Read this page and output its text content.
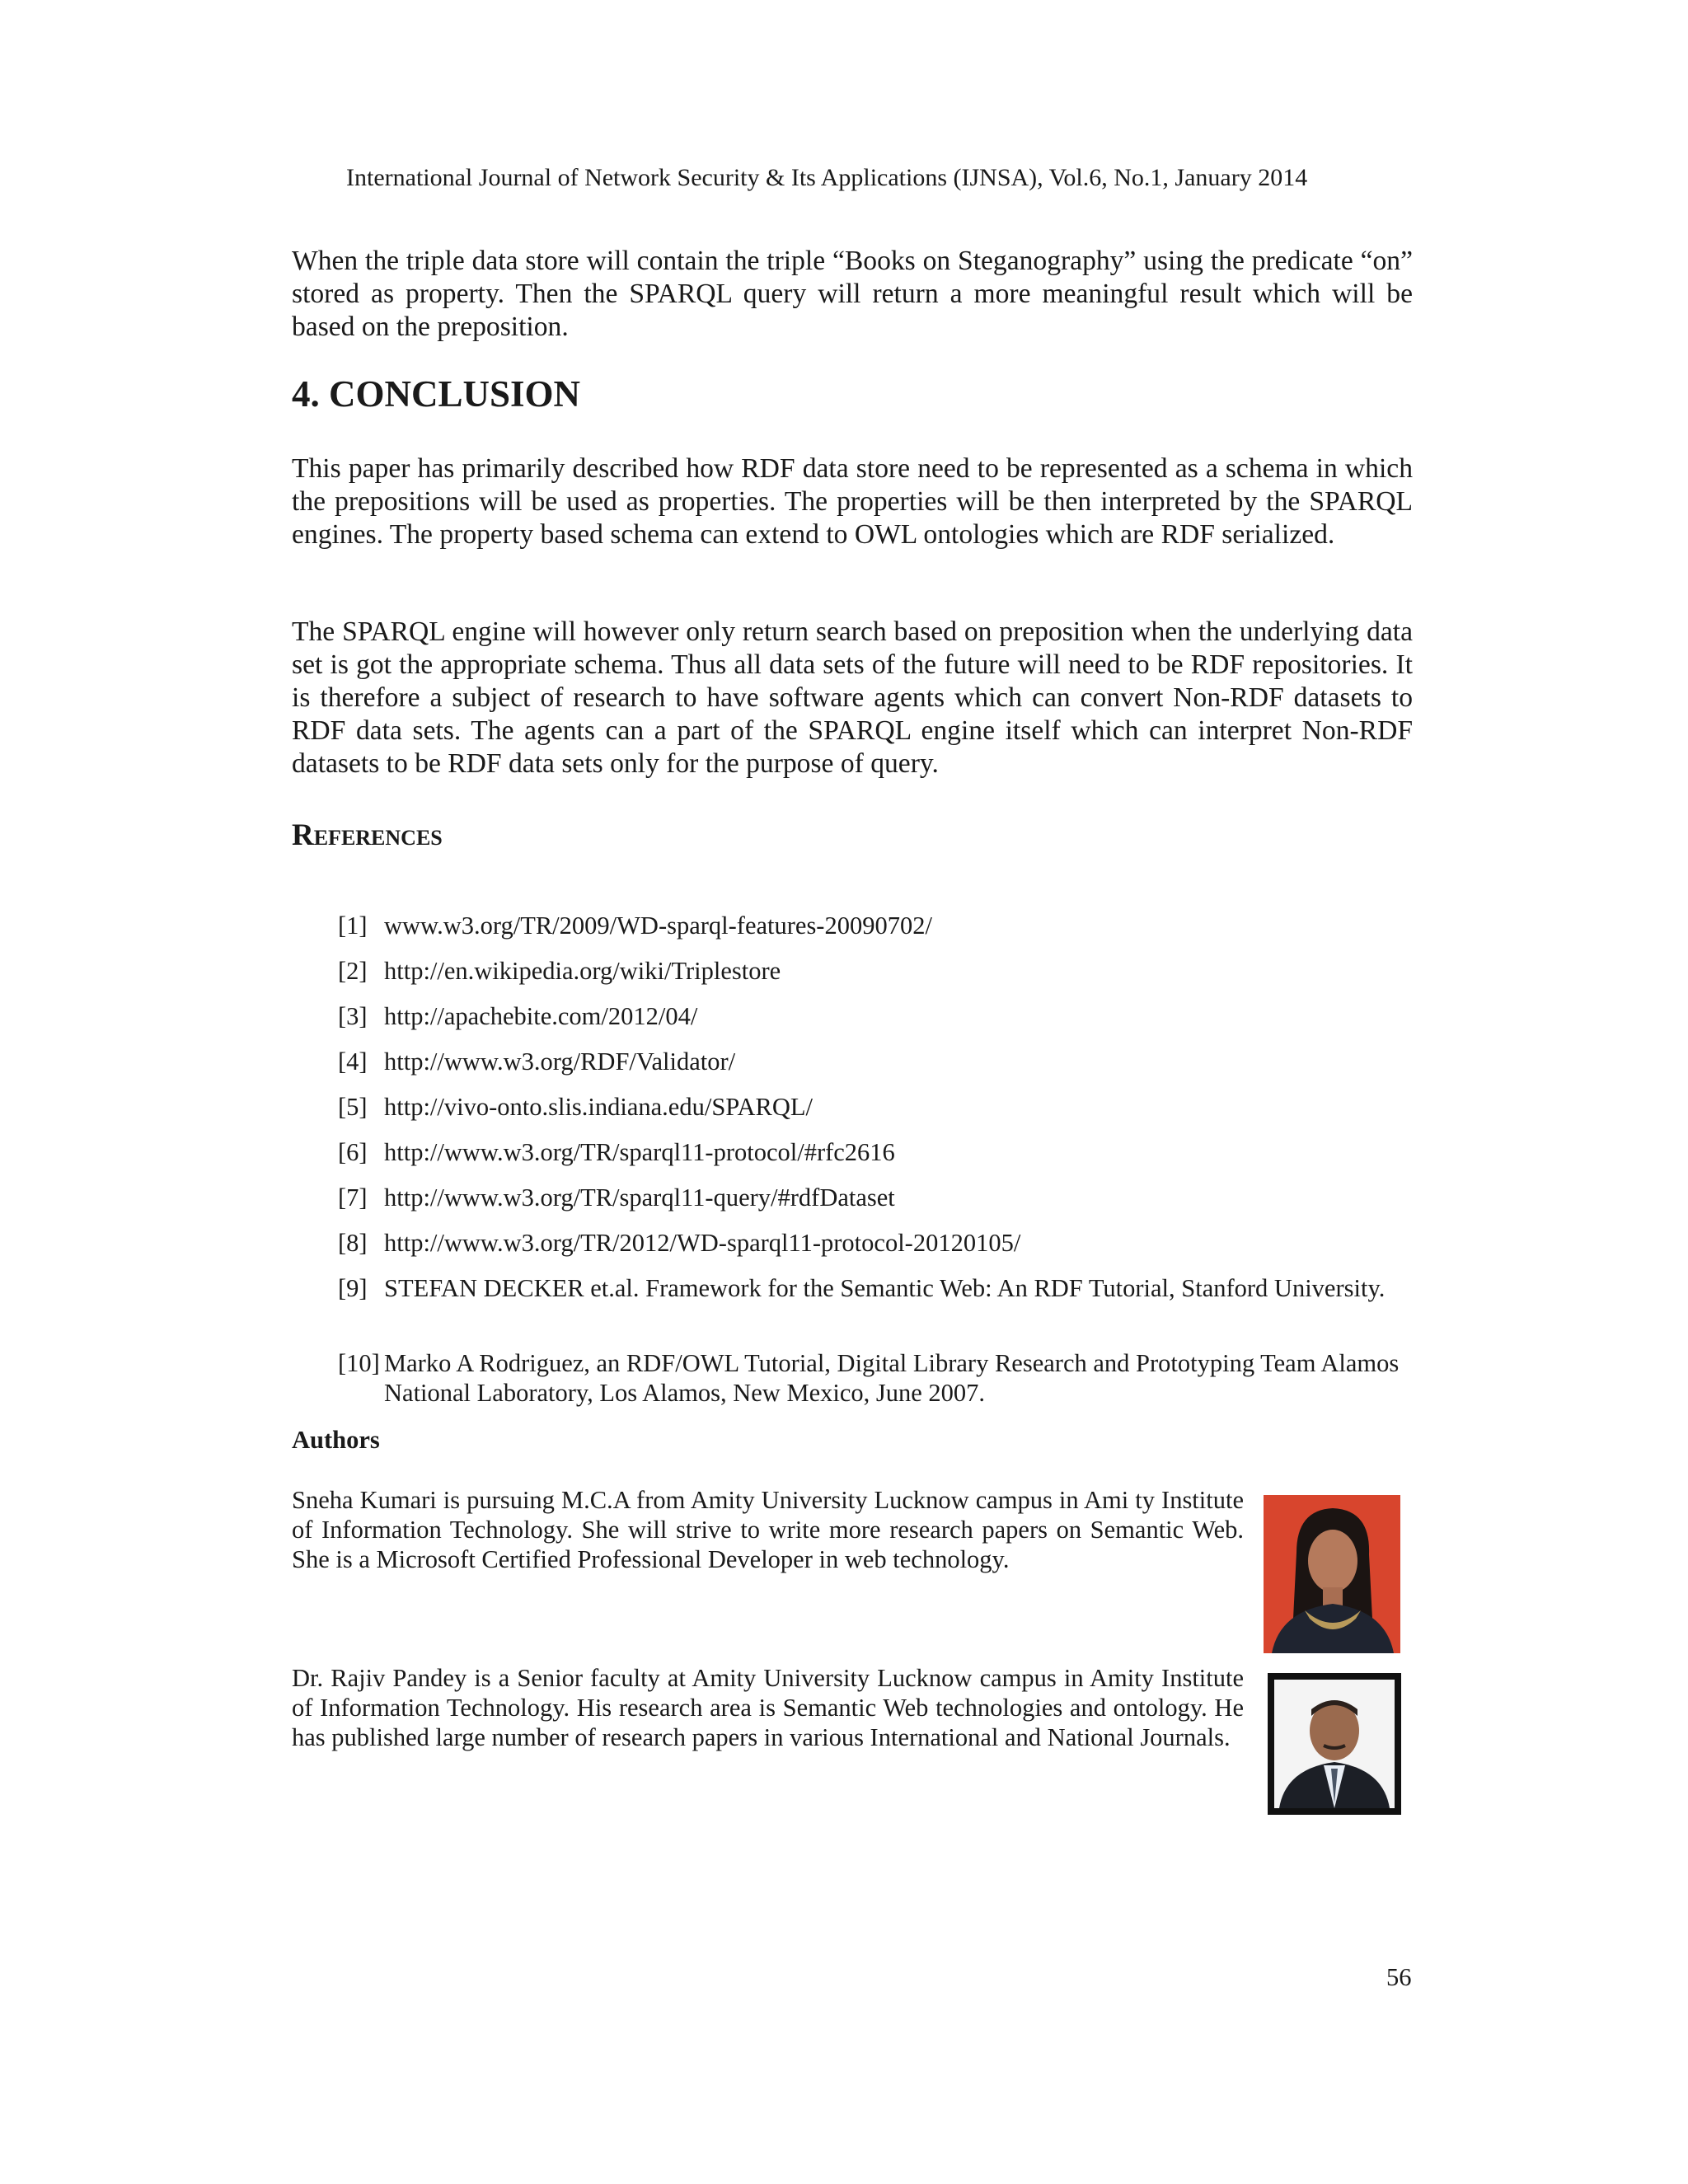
International Journal of Network Security & Its Applications (IJNSA), Vol.6, No.1, January 2014

When the triple data store will contain the triple “Books on Steganography” using the predicate “on” stored as property. Then the SPARQL query will return a more meaningful result which will be based on the preposition.

4. CONCLUSION

This paper has primarily described how RDF data store need to be represented as a schema in which the prepositions will be used as properties. The properties will be then interpreted by the SPARQL engines. The property based schema can extend to OWL ontologies which are RDF serialized.

The SPARQL engine will however only return search based on preposition when the underlying data set is got the appropriate schema. Thus all data sets of the future will need to be RDF repositories. It is therefore a subject of research to have software agents which can convert Non-RDF datasets to RDF data sets. The agents can a part of the SPARQL engine itself which can interpret Non-RDF datasets to be RDF data sets only for the purpose of query.

References
[1] www.w3.org/TR/2009/WD-sparql-features-20090702/
[2] http://en.wikipedia.org/wiki/Triplestore
[3] http://apachebite.com/2012/04/
[4] http://www.w3.org/RDF/Validator/
[5] http://vivo-onto.slis.indiana.edu/SPARQL/
[6] http://www.w3.org/TR/sparql11-protocol/#rfc2616
[7] http://www.w3.org/TR/sparql11-query/#rdfDataset
[8] http://www.w3.org/TR/2012/WD-sparql11-protocol-20120105/
[9] STEFAN DECKER et.al. Framework for the Semantic Web: An RDF Tutorial, Stanford University.
[10] Marko A Rodriguez, an RDF/OWL Tutorial, Digital Library Research and Prototyping Team Alamos National Laboratory, Los Alamos, New Mexico, June 2007.
Authors

Sneha Kumari is pursuing M.C.A from Amity University Lucknow campus in Ami ty Institute of Information Technology. She will strive to write more research papers on Semantic Web. She is a Microsoft Certified Professional Developer in web technology.

Dr. Rajiv Pandey is a Senior faculty at Amity University Lucknow campus in Amity Institute of Information Technology. His research area is Semantic Web technologies and ontology. He has published large number of research papers in various International and National Journals.

56
